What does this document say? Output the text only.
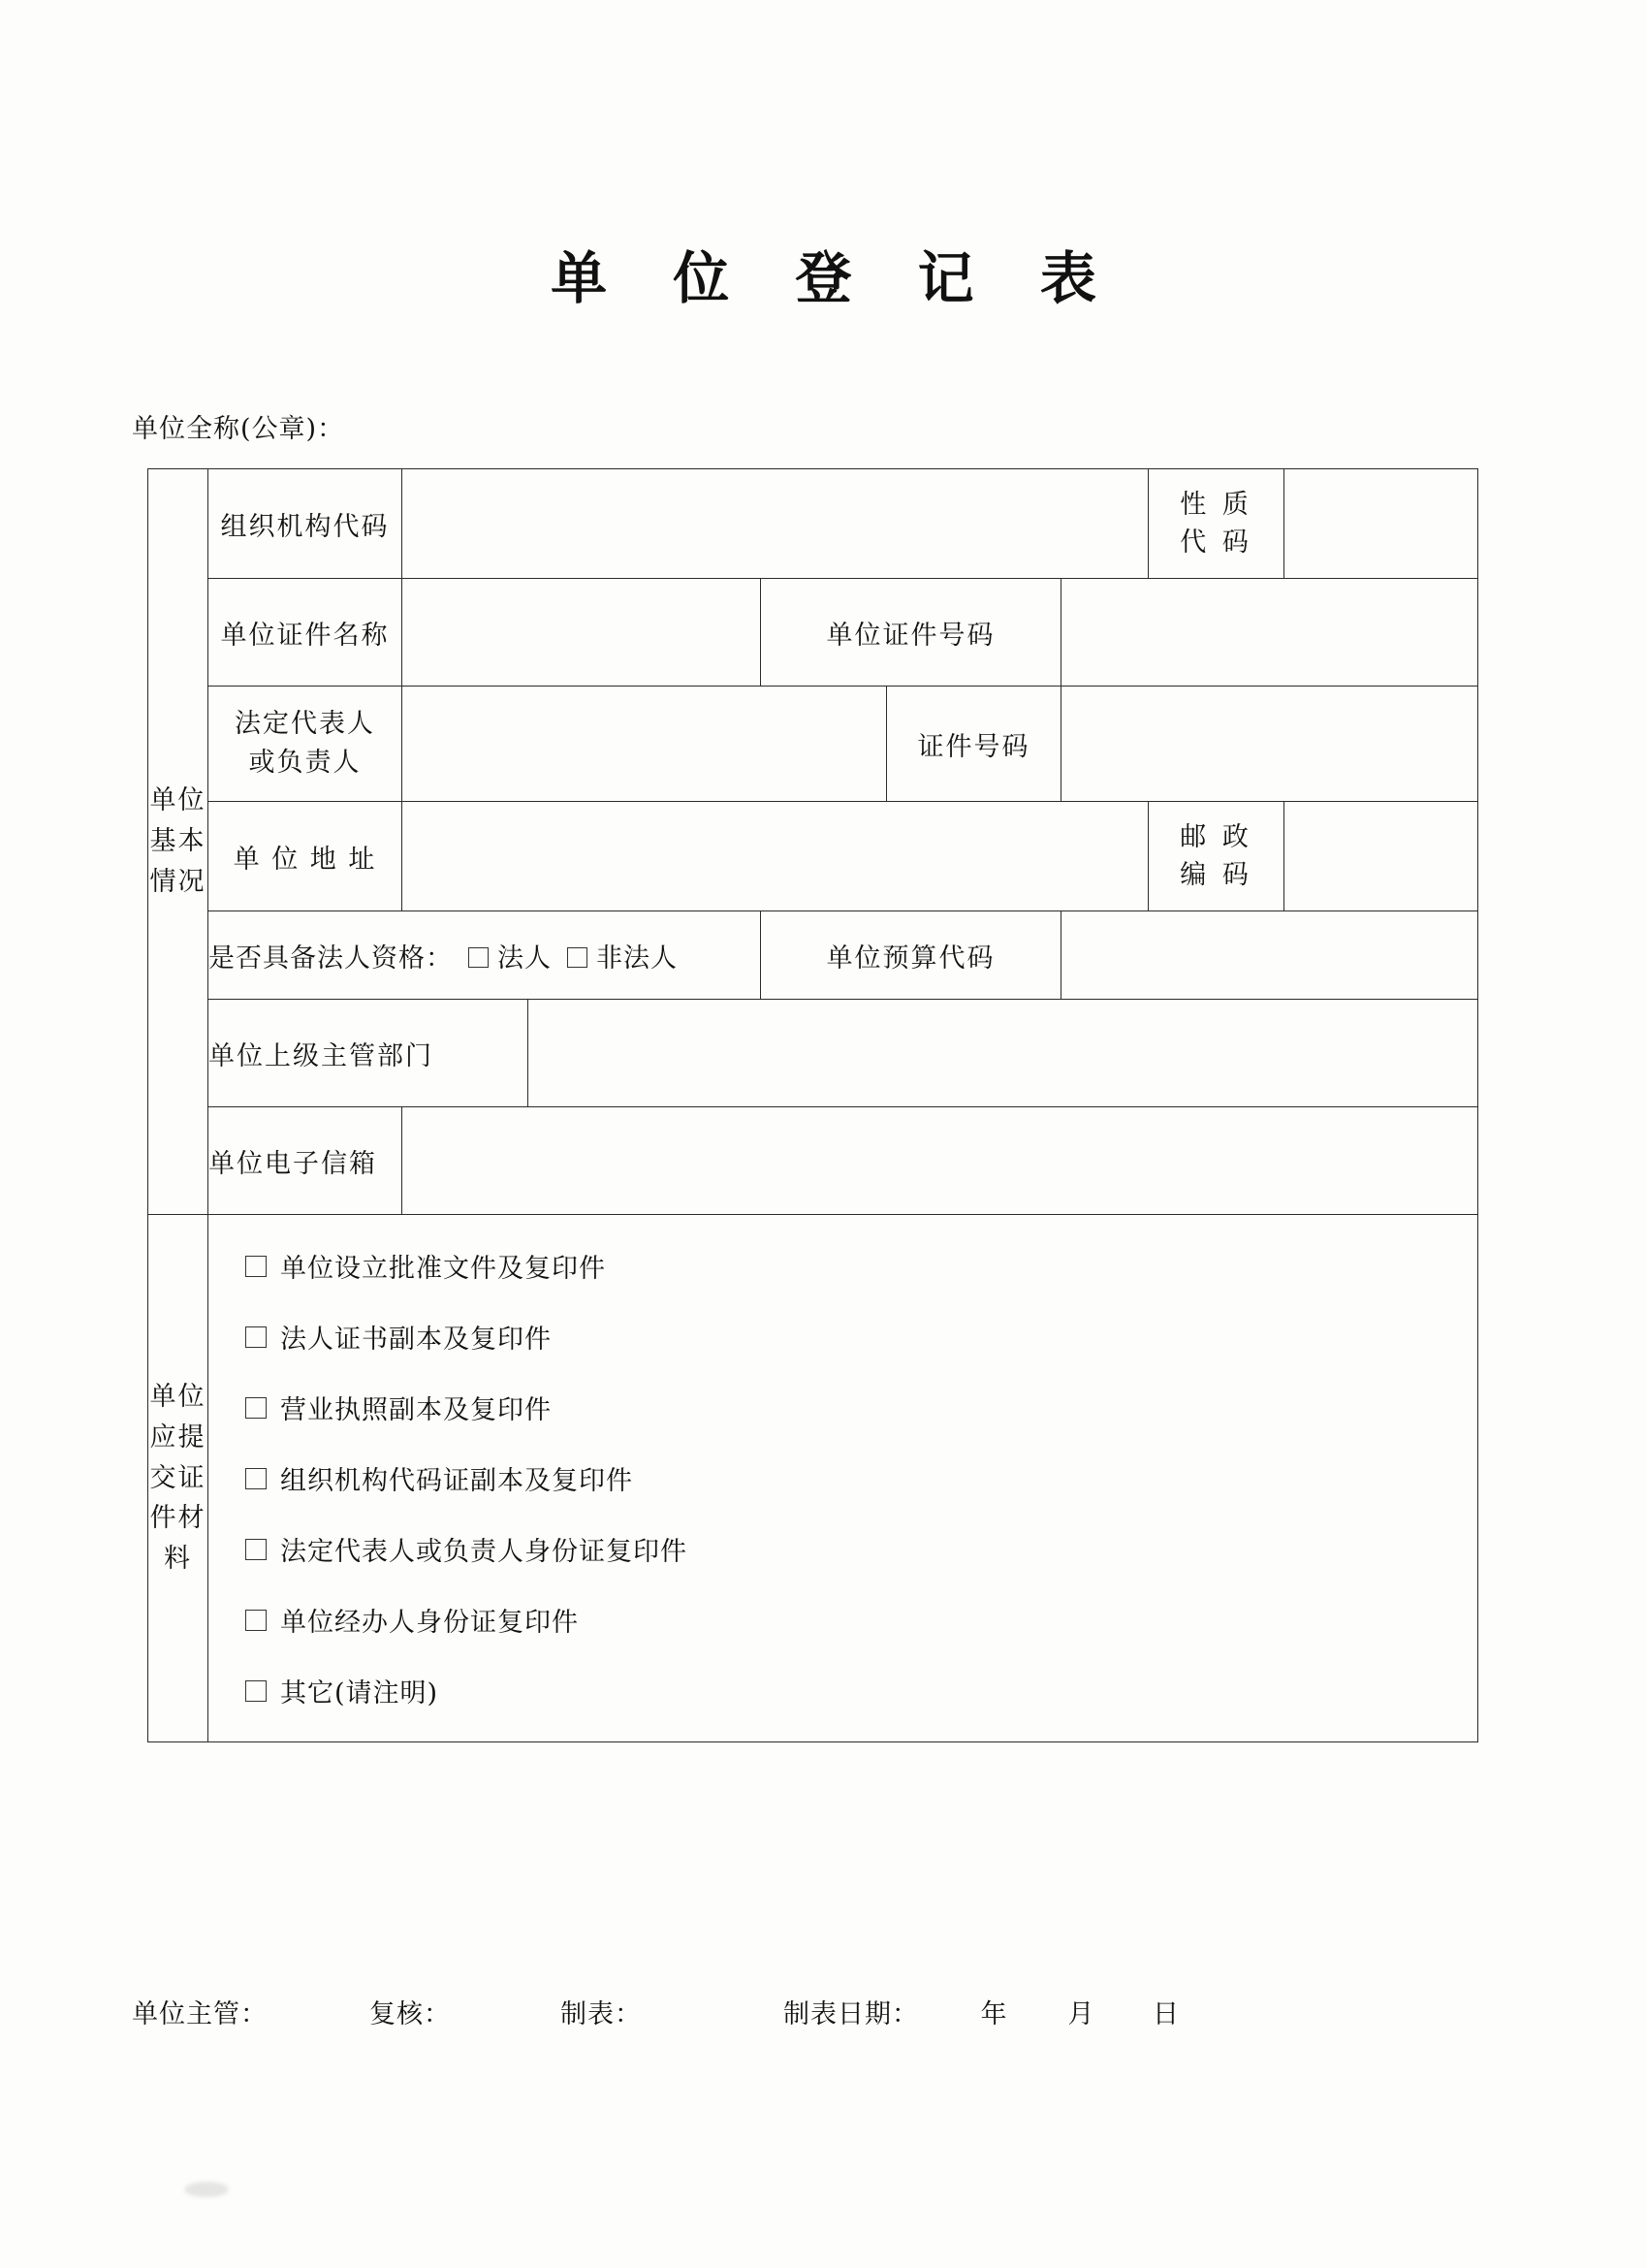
单 位 登 记 表
单位全称(公章)：
单位基本情况	组织机构代码						性 质
代 码	

	单位证件名称			单位证件号码				

	法定代表人
或负责人				证件号码			
	单 位 地 址						邮 政
编 码	

	是否具备法人资格： 法人 非法人			单位预算代码				
	单位上级主管部门							
	单位电子信箱							

单位应提交证件材料

单位设立批准文件及复印件
法人证书副本及复印件
营业执照副本及复印件
组织机构代码证副本及复印件
法定代表人或负责人身份证复印件
单位经办人身份证复印件
其它(请注明)
单位主管：	复核：	制表：	制表日期： 年 月 日
